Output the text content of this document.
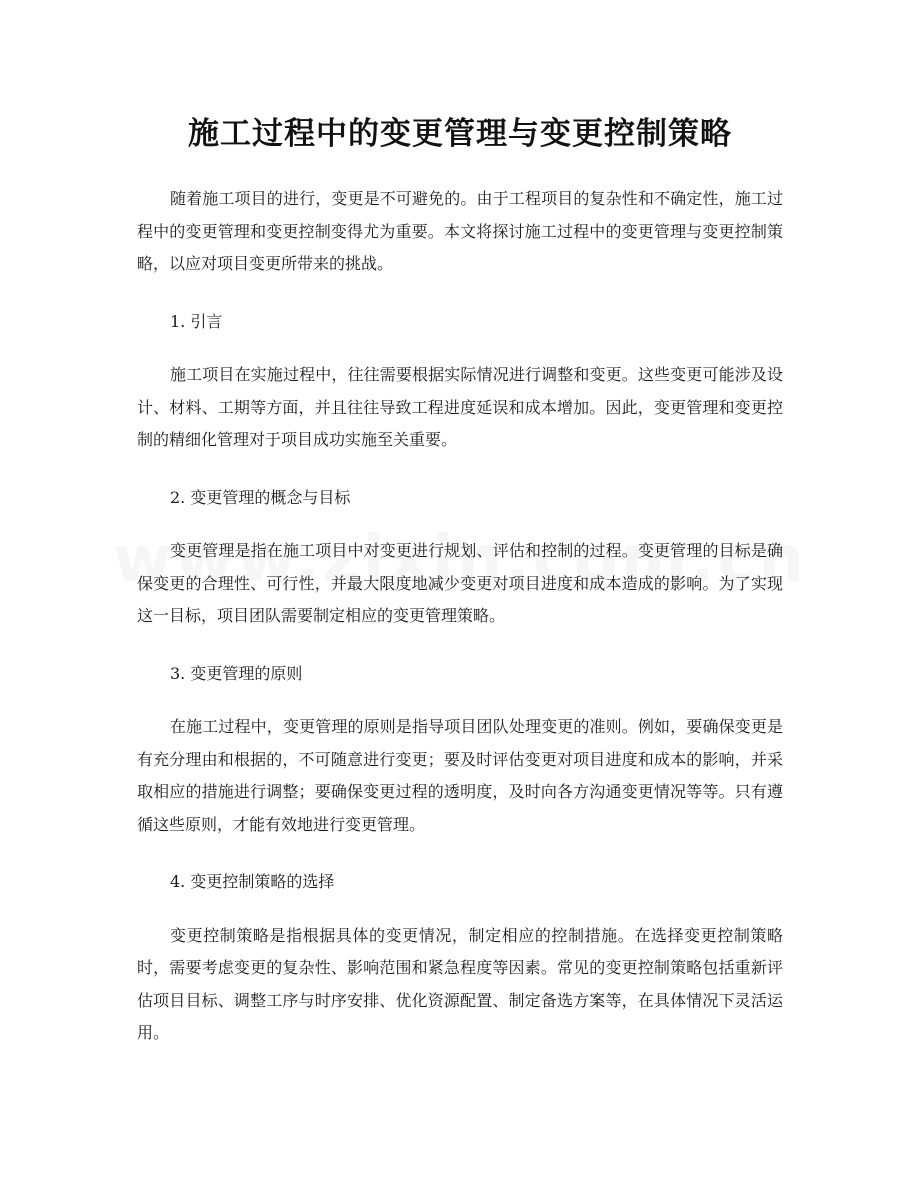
施工过程中的变更管理与变更控制策略

随着施工项目的进行，变更是不可避免的。由于工程项目的复杂性和不确定性，施工过程中的变更管理和变更控制变得尤为重要。本文将探讨施工过程中的变更管理与变更控制策略，以应对项目变更所带来的挑战。

1. 引言

施工项目在实施过程中，往往需要根据实际情况进行调整和变更。这些变更可能涉及设计、材料、工期等方面，并且往往导致工程进度延误和成本增加。因此，变更管理和变更控制的精细化管理对于项目成功实施至关重要。

2. 变更管理的概念与目标

变更管理是指在施工项目中对变更进行规划、评估和控制的过程。变更管理的目标是确保变更的合理性、可行性，并最大限度地减少变更对项目进度和成本造成的影响。为了实现这一目标，项目团队需要制定相应的变更管理策略。

3. 变更管理的原则

在施工过程中，变更管理的原则是指导项目团队处理变更的准则。例如，要确保变更是有充分理由和根据的，不可随意进行变更；要及时评估变更对项目进度和成本的影响，并采取相应的措施进行调整；要确保变更过程的透明度，及时向各方沟通变更情况等等。只有遵循这些原则，才能有效地进行变更管理。

4. 变更控制策略的选择

变更控制策略是指根据具体的变更情况，制定相应的控制措施。在选择变更控制策略时，需要考虑变更的复杂性、影响范围和紧急程度等因素。常见的变更控制策略包括重新评估项目目标、调整工序与时序安排、优化资源配置、制定备选方案等，在具体情况下灵活运用。
